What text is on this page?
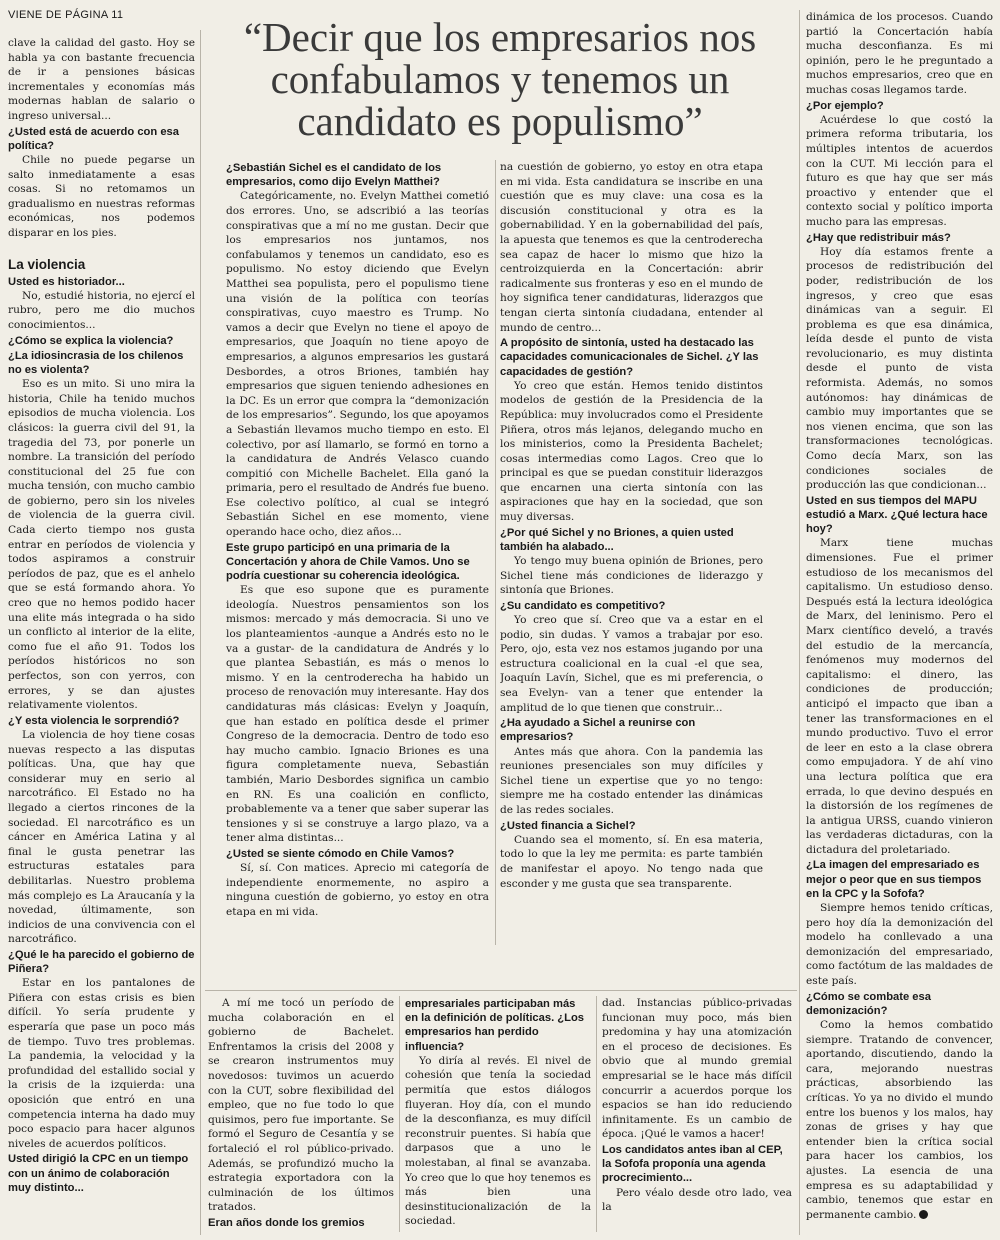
VIENE DE PÁGINA 11	“Decir que los empresarios nos confabulamos y tenemos un candidato es populismo”

clave la calidad del gasto. Hoy se habla ya con bastante frecuencia de ir a pensiones básicas incrementales y economías más modernas hablan de salario o ingreso universal...

¿Usted está de acuerdo con esa política?

Chile no puede pegarse un salto inmediatamente a esas cosas. Si no retomamos un gradualismo en nuestras reformas económicas, nos podemos disparar en los pies.

La violencia
Usted es historiador...

No, estudié historia, no ejercí el rubro, pero me dio muchos conocimientos...

¿Cómo se explica la violencia?
¿La idiosincrasia de los chilenos no es violenta?

Eso es un mito. Si uno mira la historia, Chile ha tenido muchos episodios de mucha violencia. Los clásicos: la guerra civil del 91, la tragedia del 73, por ponerle un nombre. La transición del período constitucional del 25 fue con mucha tensión, con mucho cambio de gobierno, pero sin los niveles de violencia de la guerra civil. Cada cierto tiempo nos gusta entrar en períodos de violencia y todos aspiramos a construir períodos de paz, que es el anhelo que se está formando ahora. Yo creo que no hemos podido hacer una elite más integrada o ha sido un conflicto al interior de la elite, como fue el año 91. Todos los períodos históricos no son perfectos, son con yerros, con errores, y se dan ajustes relativamente violentos.

¿Y esta violencia le sorprendió?

La violencia de hoy tiene cosas nuevas respecto a las disputas políticas. Una, que hay que considerar muy en serio al narcotráfico. El Estado no ha llegado a ciertos rincones de la sociedad. El narcotráfico es un cáncer en América Latina y al final le gusta penetrar las estructuras estatales para debilitarlas. Nuestro problema más complejo es La Araucanía y la novedad, últimamente, son indicios de una convivencia con el narcotráfico.

¿Qué le ha parecido el gobierno de Piñera?

Estar en los pantalones de Piñera con estas crisis es bien difícil. Yo sería prudente y esperaría que pase un poco más de tiempo. Tuvo tres problemas. La pandemia, la velocidad y la profundidad del estallido social y la crisis de la izquierda: una oposición que entró en una competencia interna ha dado muy poco espacio para hacer algunos niveles de acuerdos políticos.

Usted dirigió la CPC en un tiempo con un ánimo de colaboración muy distinto...
¿Sebastián Sichel es el candidato de los empresarios, como dijo Evelyn Matthei?

Categóricamente, no. Evelyn Matthei cometió dos errores. Uno, se adscribió a las teorías conspirativas que a mí no me gustan. Decir que los empresarios nos juntamos, nos confabulamos y tenemos un candidato, eso es populismo. No estoy diciendo que Evelyn Matthei sea populista, pero el populismo tiene una visión de la política con teorías conspirativas, cuyo maestro es Trump. No vamos a decir que Evelyn no tiene el apoyo de empresarios, que Joaquín no tiene apoyo de empresarios, a algunos empresarios les gustará Desbordes, a otros Briones, también hay empresarios que siguen teniendo adhesiones en la DC. Es un error que compra la “demonización de los empresarios”. Segundo, los que apoyamos a Sebastián llevamos mucho tiempo en esto. El colectivo, por así llamarlo, se formó en torno a la candidatura de Andrés Velasco cuando compitió con Michelle Bachelet. Ella ganó la primaria, pero el resultado de Andrés fue bueno. Ese colectivo político, al cual se integró Sebastián Sichel en ese momento, viene operando hace ocho, diez años...

Este grupo participó en una primaria de la Concertación y ahora de Chile Vamos. Uno se podría cuestionar su coherencia ideológica.

Es que eso supone que es puramente ideología. Nuestros pensamientos son los mismos: mercado y más democracia. Si uno ve los planteamientos -aunque a Andrés esto no le va a gustar- de la candidatura de Andrés y lo que plantea Sebastián, es más o menos lo mismo. Y en la centroderecha ha habido un proceso de renovación muy interesante. Hay dos candidaturas más clásicas: Evelyn y Joaquín, que han estado en política desde el primer Congreso de la democracia. Dentro de todo eso hay mucho cambio. Ignacio Briones es una figura completamente nueva, Sebastián también, Mario Desbordes significa un cambio en RN. Es una coalición en conflicto, probablemente va a tener que saber superar las tensiones y si se construye a largo plazo, va a tener alma distintas...

¿Usted se siente cómodo en Chile Vamos?

Sí, sí. Con matices. Aprecio mi categoría de independiente enormemente, no aspiro a ninguna cuestión de gobierno, yo estoy en otra etapa en mi vida.

na cuestión de gobierno, yo estoy en otra etapa en mi vida. Esta candidatura se inscribe en una cuestión que es muy clave: una cosa es la discusión constitucional y otra es la gobernabilidad. Y en la gobernabilidad del país, la apuesta que tenemos es que la centroderecha sea capaz de hacer lo mismo que hizo la centroizquierda en la Concertación: abrir radicalmente sus fronteras y eso en el mundo de hoy significa tener candidaturas, liderazgos que tengan cierta sintonía ciudadana, entender al mundo de centro...

A propósito de sintonía, usted ha destacado las capacidades comunicacionales de Sichel. ¿Y las capacidades de gestión?

Yo creo que están. Hemos tenido distintos modelos de gestión de la Presidencia de la República: muy involucrados como el Presidente Piñera, otros más lejanos, delegando mucho en los ministerios, como la Presidenta Bachelet; cosas intermedias como Lagos. Creo que lo principal es que se puedan constituir liderazgos que encarnen una cierta sintonía con las aspiraciones que hay en la sociedad, que son muy diversas.

¿Por qué Sichel y no Briones, a quien usted también ha alabado...

Yo tengo muy buena opinión de Briones, pero Sichel tiene más condiciones de liderazgo y sintonía que Briones.

¿Su candidato es competitivo?

Yo creo que sí. Creo que va a estar en el podio, sin dudas. Y vamos a trabajar por eso. Pero, ojo, esta vez nos estamos jugando por una estructura coalicional en la cual -el que sea, Joaquín Lavín, Sichel, que es mi preferencia, o sea Evelyn- van a tener que entender la amplitud de lo que tienen que construir...

¿Ha ayudado a Sichel a reunirse con empresarios?

Antes más que ahora. Con la pandemia las reuniones presenciales son muy difíciles y Sichel tiene un expertise que yo no tengo: siempre me ha costado entender las dinámicas de las redes sociales.

¿Usted financia a Sichel?

Cuando sea el momento, sí. En esa materia, todo lo que la ley me permita: es parte también de manifestar el apoyo. No tengo nada que esconder y me gusta que sea transparente.

dinámica de los procesos. Cuando partió la Concertación había mucha desconfianza. Es mi opinión, pero le he preguntado a muchos empresarios, creo que en muchas cosas llegamos tarde.

¿Por ejemplo?

Acuérdese lo que costó la primera reforma tributaria, los múltiples intentos de acuerdos con la CUT. Mi lección para el futuro es que hay que ser más proactivo y entender que el contexto social y político importa mucho para las empresas.

¿Hay que redistribuir más?

Hoy día estamos frente a procesos de redistribución del poder, redistribución de los ingresos, y creo que esas dinámicas van a seguir. El problema es que esa dinámica, leída desde el punto de vista revolucionario, es muy distinta desde el punto de vista reformista. Además, no somos autónomos: hay dinámicas de cambio muy importantes que se nos vienen encima, que son las transformaciones tecnológicas. Como decía Marx, son las condiciones sociales de producción las que condicionan...

Usted en sus tiempos del MAPU estudió a Marx. ¿Qué lectura hace hoy?

Marx tiene muchas dimensiones. Fue el primer estudioso de los mecanismos del capitalismo. Un estudioso denso. Después está la lectura ideológica de Marx, del leninismo. Pero el Marx científico develó, a través del estudio de la mercancía, fenómenos muy modernos del capitalismo: el dinero, las condiciones de producción; anticipó el impacto que iban a tener las transformaciones en el mundo productivo. Tuvo el error de leer en esto a la clase obrera como empujadora. Y de ahí vino una lectura política que era errada, lo que devino después en la distorsión de los regímenes de la antigua URSS, cuando vinieron las verdaderas dictaduras, con la dictadura del proletariado.

¿La imagen del empresariado es mejor o peor que en sus tiempos en la CPC y la Sofofa?

Siempre hemos tenido críticas, pero hoy día la demonización del modelo ha conllevado a una demonización del empresariado, como factótum de las maldades de este país.

¿Cómo se combate esa demonización?

Como la hemos combatido siempre. Tratando de convencer, aportando, discutiendo, dando la cara, mejorando nuestras prácticas, absorbiendo las críticas. Yo ya no divido el mundo entre los buenos y los malos, hay zonas de grises y hay que entender bien la crítica social para hacer los cambios, los ajustes. La esencia de una empresa es su adaptabilidad y cambio, tenemos que estar en permanente cambio.

A mí me tocó un período de mucha colaboración en el gobierno de Bachelet. Enfrentamos la crisis del 2008 y se crearon instrumentos muy novedosos: tuvimos un acuerdo con la CUT, sobre flexibilidad del empleo, que no fue todo lo que quisimos, pero fue importante. Se formó el Seguro de Cesantía y se fortaleció el rol público-privado. Además, se profundizó mucho la estrategia exportadora con la culminación de los últimos tratados.

Eran años donde los gremios
empresariales participaban más en la definición de políticas. ¿Los empresarios han perdido influencia?

Yo diría al revés. El nivel de cohesión que tenía la sociedad permitía que estos diálogos fluyeran. Hoy día, con el mundo de la desconfianza, es muy difícil reconstruir puentes. Si había que darpasos que a uno le molestaban, al final se avanzaba. Yo creo que lo que hoy tenemos es más bien una desinstitucionalización de la sociedad.

dad. Instancias público-privadas funcionan muy poco, más bien predomina y hay una atomización en el proceso de decisiones. Es obvio que al mundo gremial empresarial se le hace más difícil concurrir a acuerdos porque los espacios se han ido reduciendo infinitamente. Es un cambio de época. ¡Qué le vamos a hacer!

Los candidatos antes iban al CEP, la Sofofa proponía una agenda procrecimiento...

Pero véalo desde otro lado, vea la
